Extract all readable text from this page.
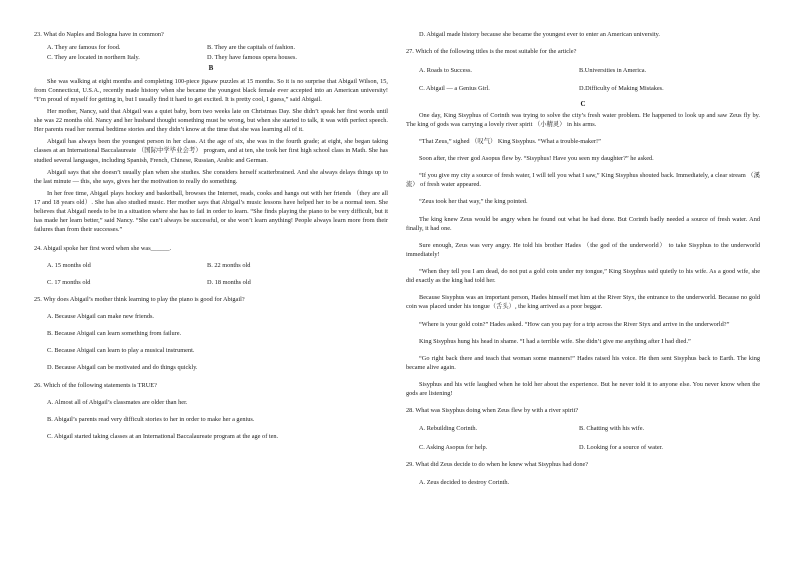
23. What do Naples and Bologna have in common?

A. They are famous for food.	B. They are the capitals of fashion.
C. They are located in northern Italy.	D. They have famous opera houses.
B

She was walking at eight months and completing 100-piece jigsaw puzzles at 15 months. So it is no surprise that Abigail Wilson, 15, from Connecticut, U.S.A., recently made history when she became the youngest black female ever accepted into an American university! “I’m proud of myself for getting in, but I usually find it hard to get excited. It is pretty cool, I guess,” said Abigail.

Her mother, Nancy, said that Abigail was a quiet baby, born two weeks late on Christmas Day. She didn’t speak her first words until she was 22 months old. Nancy and her husband thought something must be wrong, but when she started to talk, it was with perfect speech. Her parents read her normal bedtime stories and they didn’t know at the time that she was learning all of it.

Abigail has always been the youngest person in her class. At the age of six, she was in the fourth grade; at eight, she began taking classes at an International Baccalaureate （国际中学毕业会考） program, and at ten, she took her first high school class in Math. She has studied several languages, including Spanish, French, Chinese, Russian, Arabic and German.

Abigail says that she doesn’t usually plan when she studies. She considers herself scatterbrained. And she always delays things up to the last minute — this, she says, gives her the motivation to really do something.

In her free time, Abigail plays hockey and basketball, browses the Internet, reads, cooks and hangs out with her friends （they are all 17 and 18 years old）. She has also studied music. Her mother says that Abigail’s music lessons have helped her to be a normal teen. She believes that Abigail needs to be in a situation where she has to fail in order to learn. “She finds playing the piano to be very difficult, but it has made her learn better,” said Nancy. “She can’t always be successful, or she won’t learn anything! People always learn more from their failures than from their successes.”

24. Abigail spoke her first word when she was______.

A. 15 months old	B. 22 months old
C. 17 months old	D. 18 months old

25. Why does Abigail’s mother think learning to play the piano is good for Abigail?

A. Because Abigail can make new friends.
B. Because Abigail can learn something from failure.
C. Because Abigail can learn to play a musical instrument.
D. Because Abigail can be motivated and do things quickly.

26. Which of the following statements is TRUE?

A. Almost all of Abigail’s classmates are older than her.
B. Abigail’s parents read very difficult stories to her in order to make her a genius.
C. Abigail started taking classes at an International Baccalaureate program at the age of ten.

D. Abigail made history because she became the youngest ever to enter an American university.

27. Which of the following titles is the most suitable for the article?

A. Roads to Success.	B.Universities in America.
C. Abigail — a Genius Girl.	D.Difficulty of Making Mistakes.
C

One day, King Sisyphus of Corinth was trying to solve the city’s fresh water problem. He happened to look up and saw Zeus fly by. The king of gods was carrying a lovely river spirit （小精灵） in his arms.

“That Zeus,” sighed （叹气） King Sisyphus. “What a trouble-maker!”

Soon after, the river god Asopus flew by. “Sisyphus! Have you seen my daughter?” he asked.

“If you give my city a source of fresh water, I will tell you what I saw,” King Sisyphus shouted back. Immediately, a clear stream （溪流） of fresh water appeared.

“Zeus took her that way,” the king pointed.

The king knew Zeus would be angry when he found out what he had done. But Corinth badly needed a source of fresh water. And finally, it had one.

Sure enough, Zeus was very angry. He told his brother Hades （the god of the underworld） to take Sisyphus to the underworld immediately!

“When they tell you I am dead, do not put a gold coin under my tongue,” King Sisyphus said quietly to his wife. As a good wife, she did exactly as the king had told her.

Because Sisyphus was an important person, Hades himself met him at the River Styx, the entrance to the underworld. Because no gold coin was placed under his tongue（舌头）, the king arrived as a poor beggar.

“Where is your gold coin?” Hades asked. “How can you pay for a trip across the River Styx and arrive in the underworld?”

King Sisyphus hung his head in shame. “I had a terrible wife. She didn’t give me anything after I had died.”

“Go right back there and teach that woman some manners!” Hades raised his voice. He then sent Sisyphus back to Earth. The king became alive again.

Sisyphus and his wife laughed when he told her about the experience. But he never told it to anyone else. You never know when the gods are listening!

28. What was Sisyphus doing when Zeus flew by with a river spirit?

A. Rebuilding Corinth.	B. Chatting with his wife.
C. Asking Asopus for help.	D. Looking for a source of water.

29. What did Zeus decide to do when he knew what Sisyphus had done?

A. Zeus decided to destroy Corinth.
